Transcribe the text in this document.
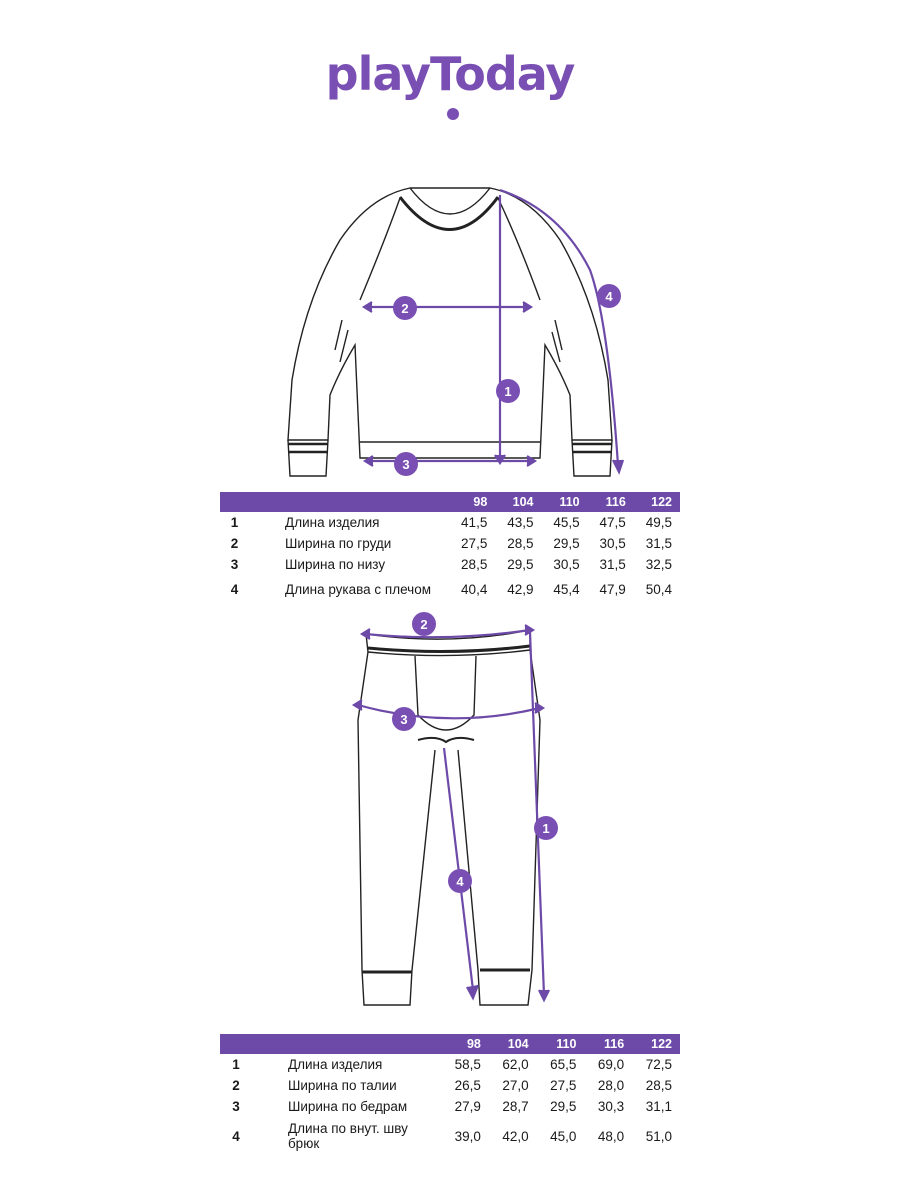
playToday
1
2
3
4
		98	104	110	116	122
1	Длина изделия	41,5	43,5	45,5	47,5	49,5
2	Ширина по груди	27,5	28,5	29,5	30,5	31,5
3	Ширина по низу	28,5	29,5	30,5	31,5	32,5
4	Длина рукава с плечом	40,4	42,9	45,4	47,9	50,4
1
2
3
4
		98	104	110	116	122
1	Длина изделия	58,5	62,0	65,5	69,0	72,5
2	Ширина по талии	26,5	27,0	27,5	28,0	28,5
3	Ширина по бедрам	27,9	28,7	29,5	30,3	31,1
4	Длина по внут. шву брюк	39,0	42,0	45,0	48,0	51,0
